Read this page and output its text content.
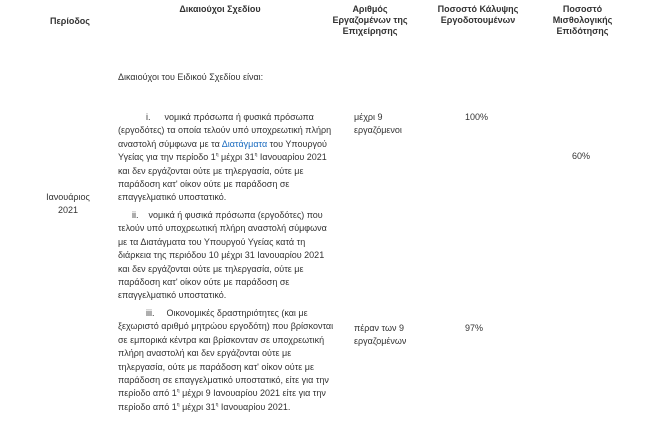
Περίοδος
Δικαιούχοι Σχεδίου	Αριθμός Εργαζομένων της Επιχείρησης
Ποσοστό Κάλυψης Εργοδοτουμένων
Ποσοστό Μισθολογικής Επιδότησης
Ιανουάριος 2021
Δικαιούχοι του Ειδικού Σχεδίου είναι:
i. νομικά πρόσωπα ή φυσικά πρόσωπα (εργοδότες) τα οποία τελούν υπό υποχρεωτική πλήρη αναστολή σύμφωνα με τα Διατάγματα του Υπουργού Υγείας για την περίοδο $1^\eta$ μέχρι $31^\eta$ Ιανουαρίου 2021 και δεν εργάζονται ούτε με τηλεργασία, ούτε με παράδοση κατ' οίκον ούτε με παράδοση σε επαγγελματικό υποστατικό.
ii. νομικά ή φυσικά πρόσωπα (εργοδότες) που τελούν υπό υποχρεωτική πλήρη αναστολή σύμφωνα με τα Διατάγματα του Υπουργού Υγείας κατά τη διάρκεια της περιόδου 10 μέχρι 31 Ιανουαρίου 2021 και δεν εργάζονται ούτε με τηλεργασία, ούτε με παράδοση κατ' οίκον ούτε με παράδοση σε επαγγελματικό υποστατικό.
iii. Οικονομικές δραστηριότητες (και με ξεχωριστό αριθμό μητρώου εργοδότη) που βρίσκονται σε εμπορικά κέντρα και βρίσκονταν σε υποχρεωτική πλήρη αναστολή και δεν εργάζονται ούτε με τηλεργασία, ούτε με παράδοση κατ' οίκον ούτε με παράδοση σε επαγγελματικό υποστατικό, είτε για την περίοδο από $1^\eta$ μέχρι 9 Ιανουαρίου 2021 είτε για την περίοδο από $1^\eta$ μέχρι $31^\eta$ Ιανουαρίου 2021.
μέχρι 9 εργαζόμενοι
100%
πέραν των 9 εργαζομένων
97%
60%
